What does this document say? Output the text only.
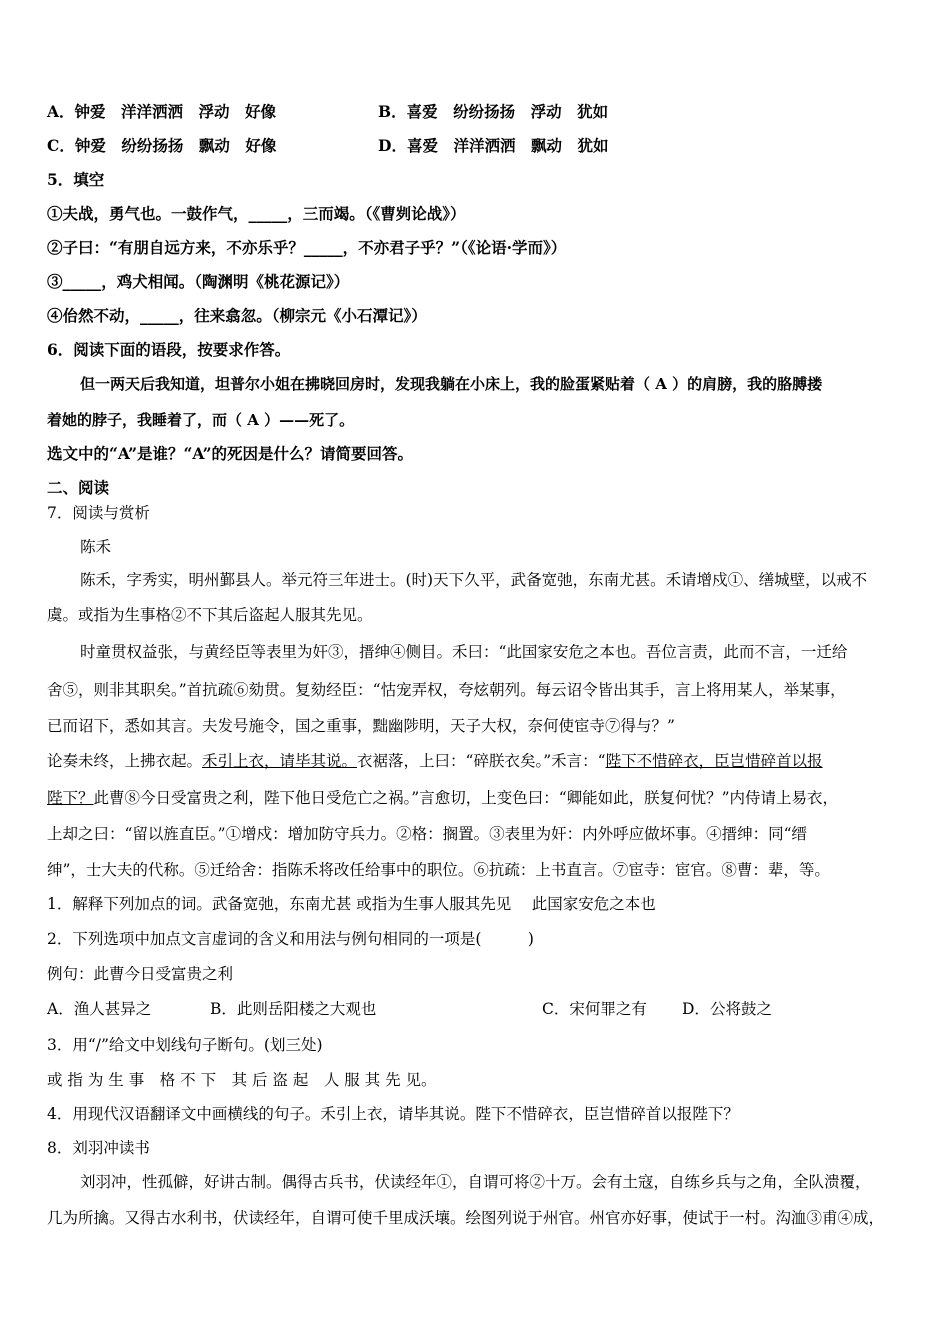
A．钟爱　洋洋洒洒　浮动　好像	B．喜爱　纷纷扬扬　浮动　犹如
C．钟爱　纷纷扬扬　飘动　好像	D．喜爱　洋洋洒洒　飘动　犹如
5．填空
①夫战，勇气也。一鼓作气，_____，三而竭。（《曹刿论战》）
②子曰：“有朋自远方来，不亦乐乎？_____，不亦君子乎？”（《论语·学而》）
③_____，鸡犬相闻。（陶渊明《桃花源记》）
④佁然不动，_____，往来翕忽。（柳宗元《小石潭记》）
6．阅读下面的语段，按要求作答。
但一两天后我知道，坦普尔小姐在拂晓回房时，发现我躺在小床上，我的脸蛋紧贴着（ A ）的肩膀，我的胳膊搂
着她的脖子，我睡着了，而（ A ）——死了。
选文中的“A”是谁？“A”的死因是什么？请简要回答。
二、阅读
7．阅读与赏析
陈禾
陈禾，字秀实，明州鄞县人。举元符三年进士。(时)天下久平，武备宽弛，东南尤甚。禾请增戍①、缮城壁，以戒不
虞。或指为生事格②不下其后盗起人服其先见。
时童贯权益张，与黄经臣等表里为奸③，搢绅④侧目。禾曰：“此国家安危之本也。吾位言责，此而不言，一迁给
舍⑤，则非其职矣。”首抗疏⑥劾贯。复劾经臣：“怙宠弄权，夸炫朝列。每云诏令皆出其手，言上将用某人，举某事，
已而诏下，悉如其言。夫发号施令，国之重事，黜幽陟明，天子大权，奈何使宦寺⑦得与？”
论奏未终，上拂衣起。禾引上衣，请毕其说。衣裾落，上曰：“碎朕衣矣。”禾言：“陛下不惜碎衣，臣岂惜碎首以报
陛下？此曹⑧今日受富贵之利，陛下他日受危亡之祸。”言愈切，上变色曰：“卿能如此，朕复何忧？”内侍请上易衣，
上却之曰：“留以旌直臣。”①增戍：增加防守兵力。②格：搁置。③表里为奸：内外呼应做坏事。④搢绅：同“缙
绅”，士大夫的代称。⑤迁给舍：指陈禾将改任给事中的职位。⑥抗疏：上书直言。⑦宦寺：宦官。⑧曹：辈，等。
1．解释下列加点的词。武备宽弛，东南尤甚 或指为生事人服其先见　 此国家安危之本也
2．下列选项中加点文言虚词的含义和用法与例句相同的一项是(　　　)
例句：此曹今日受富贵之利
A．渔人甚异之	B．此则岳阳楼之大观也	C．宋何罪之有 D．公将鼓之
3．用“/”给文中划线句子断句。(划三处)
或 指 为 生 事　格 不 下　其 后 盗 起　人 服 其 先 见。
4．用现代汉语翻译文中画横线的句子。禾引上衣，请毕其说。陛下不惜碎衣，臣岂惜碎首以报陛下？
8．刘羽冲读书
刘羽冲，性孤僻，好讲古制。偶得古兵书，伏读经年①，自谓可将②十万。会有土寇，自练乡兵与之角，全队溃覆，
几为所擒。又得古水利书，伏读经年，自谓可使千里成沃壤。绘图列说于州官。州官亦好事，使试于一村。沟洫③甫④成，
